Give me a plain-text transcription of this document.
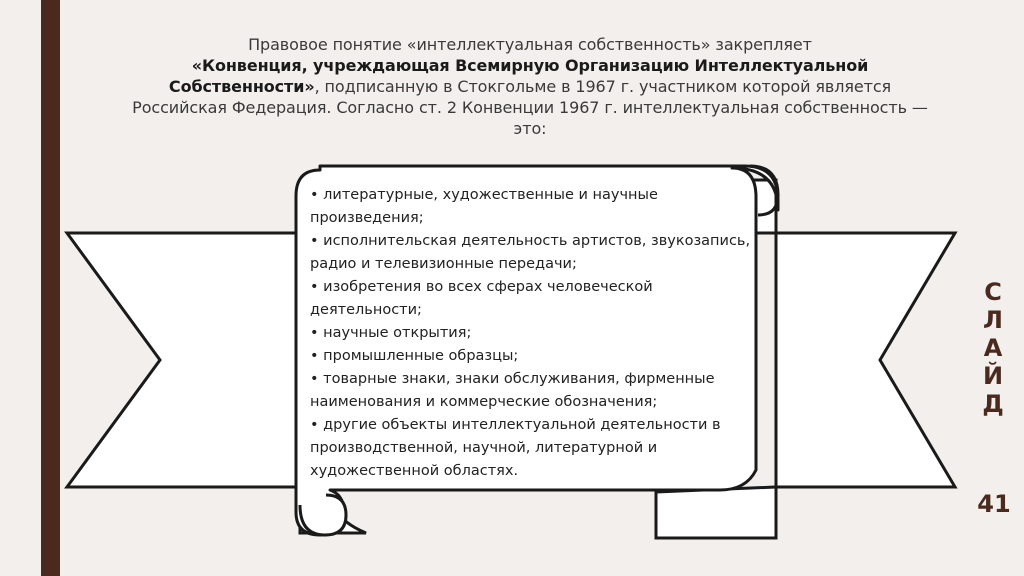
Правовое понятие «интеллектуальная собственность» закрепляет
«Конвенция, учреждающая Всемирную Организацию Интеллектуальной Собственности», подписанную в Стокгольме в 1967 г. участником которой является Российская Федерация. Согласно ст. 2 Конвенции 1967 г. интеллектуальная собственность — это:
• литературные, художественные и научные произведения;
• исполнительская деятельность артистов, звукозапись, радио и телевизионные передачи;
• изобретения во всех сферах человеческой деятельности;
• научные открытия;
• промышленные образцы;
• товарные знаки, знаки обслуживания, фирменные наименования и коммерческие обозначения;
• другие объекты интеллектуальной деятельности в производственной, научной, литературной и художественной областях.
С
Л
А
Й
Д
41
